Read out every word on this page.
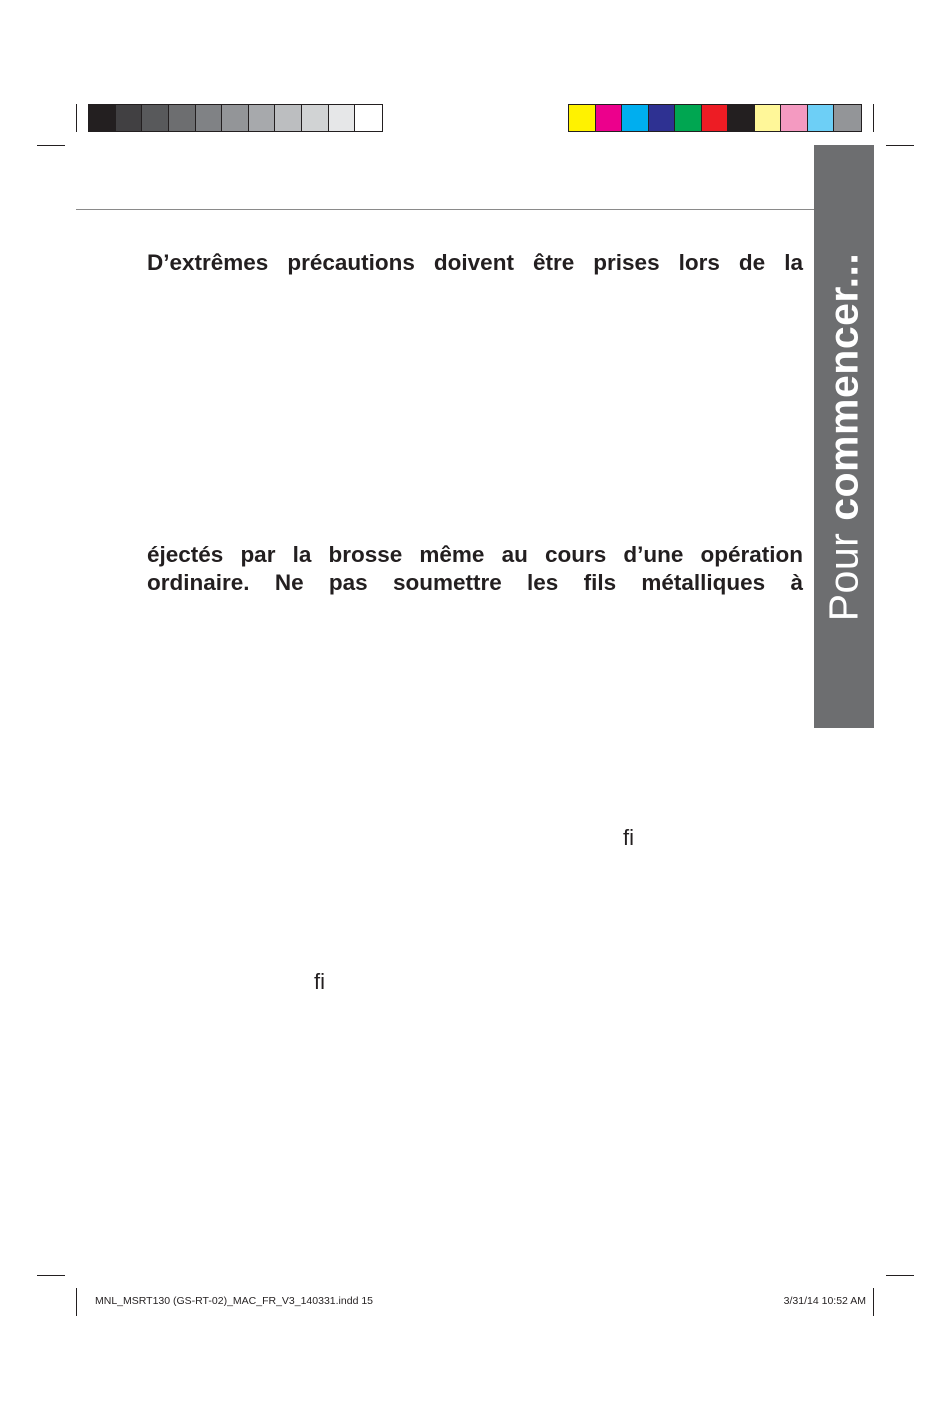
Pour commencer...
D’extrêmes précautions doivent être prises lors de la
éjectés par la brosse même au cours d’une opération
ordinaire. Ne pas soumettre les fils métalliques à
fi
fi
MNL_MSRT130 (GS-RT-02)_MAC_FR_V3_140331.indd 15	3/31/14 10:52 AM
